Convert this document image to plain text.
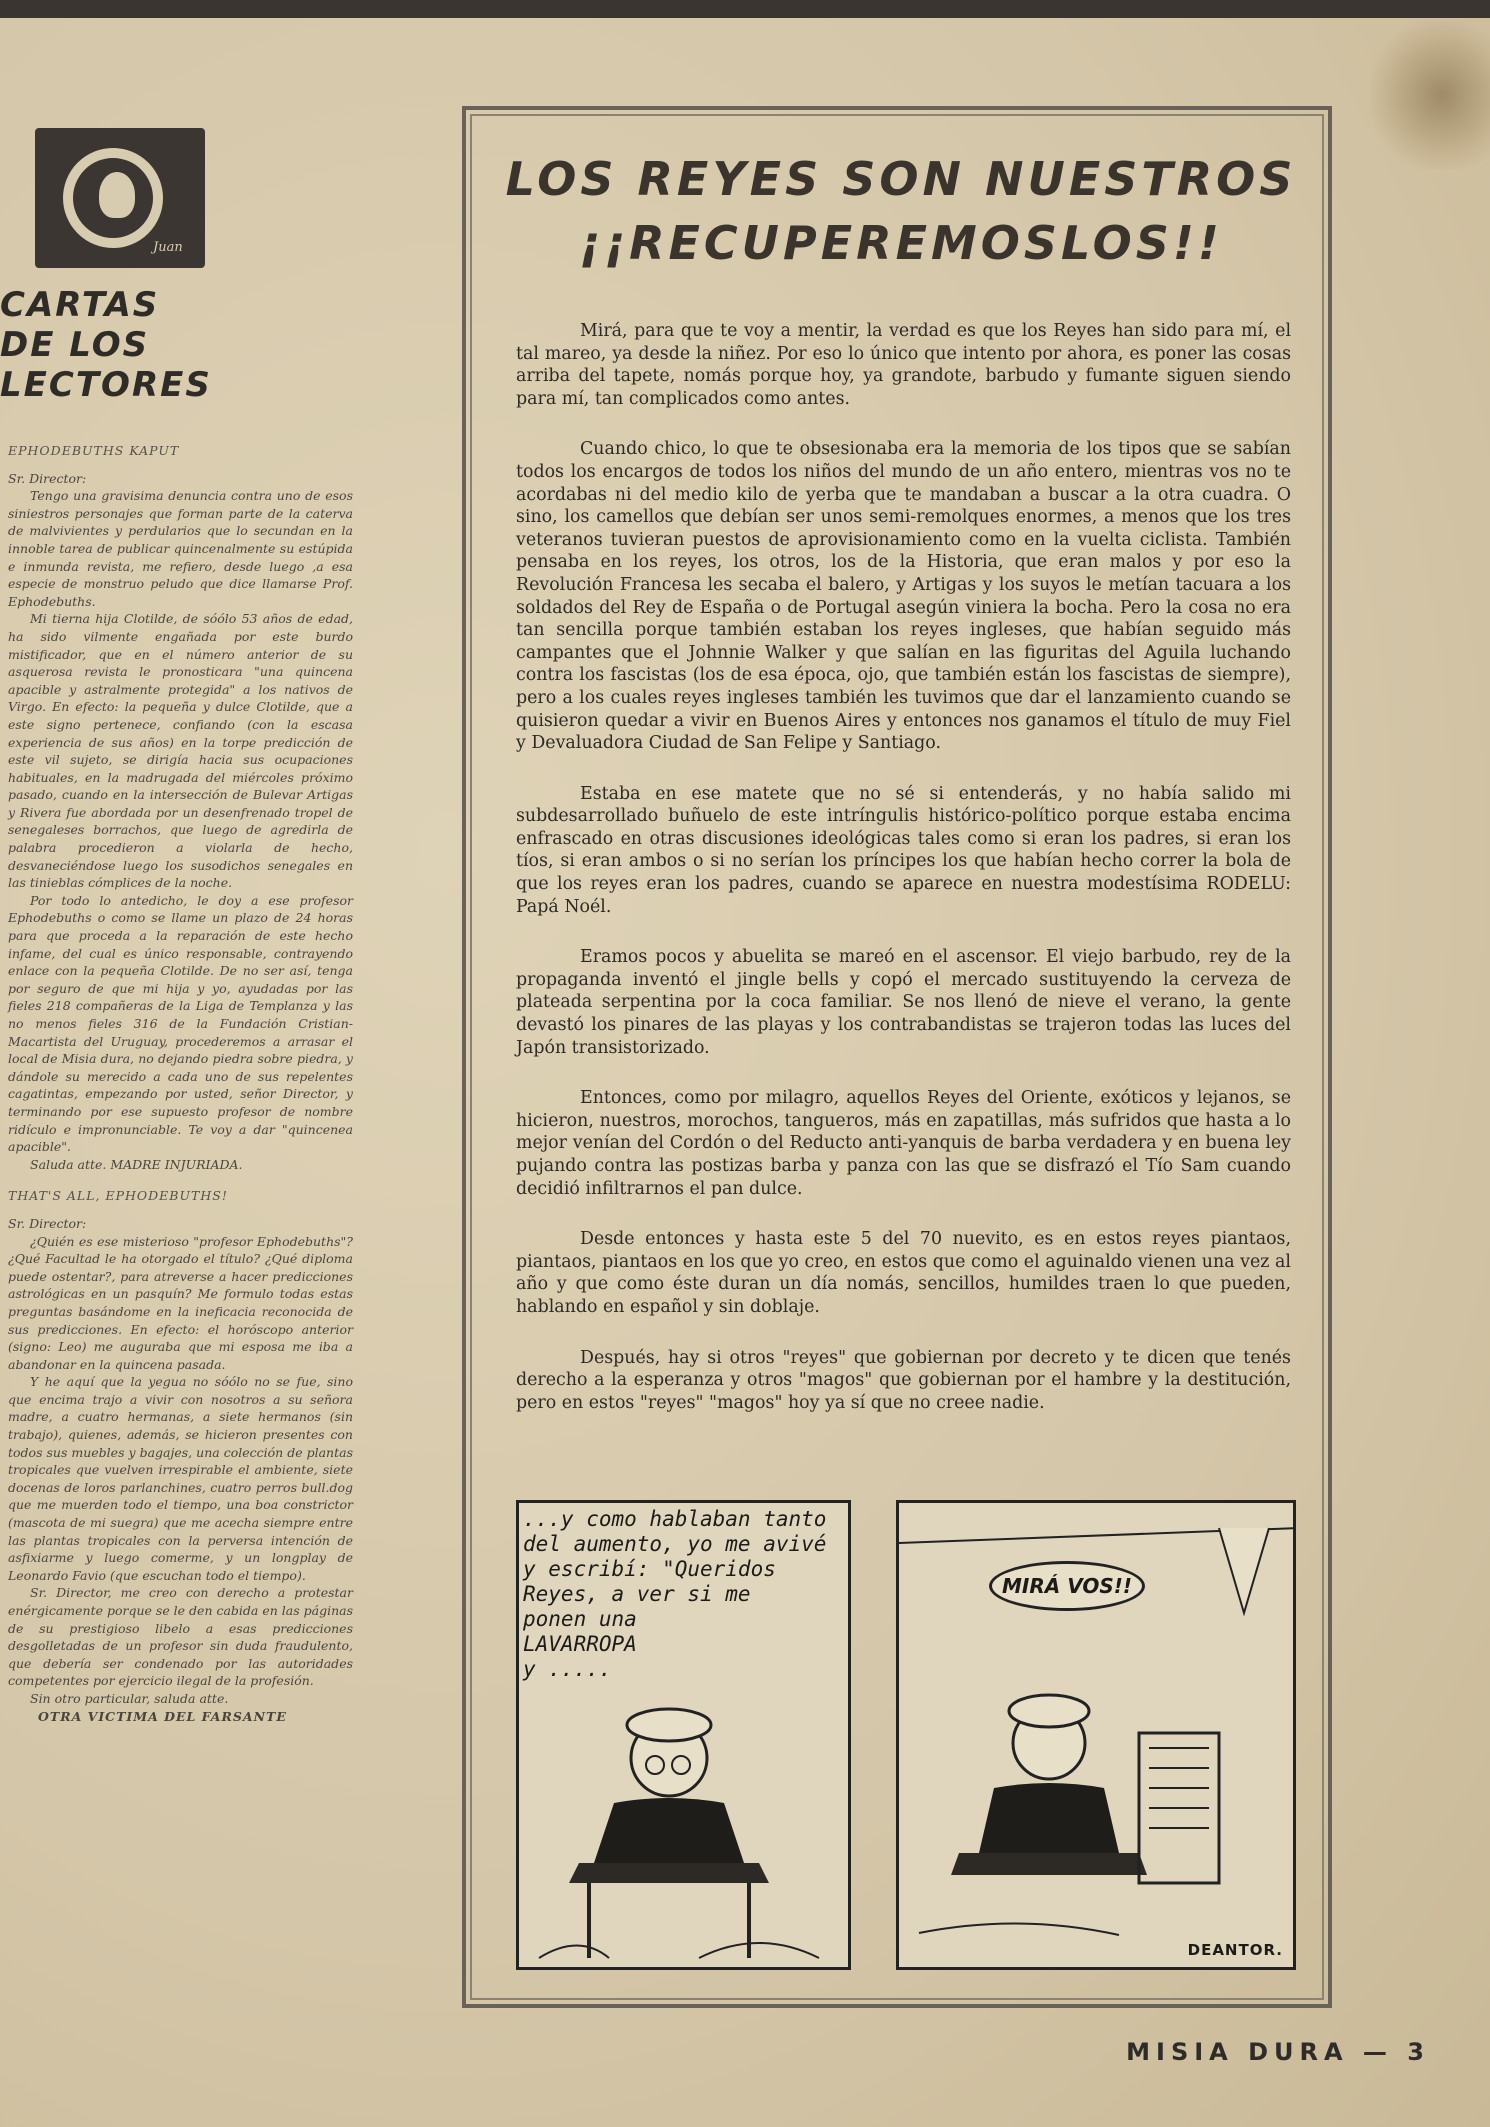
Juan
CARTAS
DE LOS
LECTORES

EPHODEBUTHS KAPUT

Sr. Director:

Tengo una gravisima denuncia contra uno de esos siniestros personajes que forman parte de la caterva de malvivientes y perdularios que lo secundan en la innoble tarea de publicar quincenalmente su estúpida e inmunda revista, me refiero, desde luego ,a esa especie de monstruo peludo que dice llamarse Prof. Ephodebuths.

Mi tierna hija Clotilde, de sóólo 53 años de edad, ha sido vilmente engañada por este burdo mistificador, que en el número anterior de su asquerosa revista le pronosticara "una quincena apacible y astralmente protegida" a los nativos de Virgo. En efecto: la pequeña y dulce Clotilde, que a este signo pertenece, confiando (con la escasa experiencia de sus años) en la torpe predicción de este vil sujeto, se dirigía hacia sus ocupaciones habituales, en la madrugada del miércoles próximo pasado, cuando en la intersección de Bulevar Artigas y Rivera fue abordada por un desenfrenado tropel de senegaleses borrachos, que luego de agredirla de palabra procedieron a violarla de hecho, desvaneciéndose luego los susodichos senegales en las tinieblas cómplices de la noche.

Por todo lo antedicho, le doy a ese profesor Ephodebuths o como se llame un plazo de 24 horas para que proceda a la reparación de este hecho infame, del cual es único responsable, contrayendo enlace con la pequeña Clotilde. De no ser así, tenga por seguro de que mi hija y yo, ayudadas por las fieles 218 compañeras de la Liga de Templanza y las no menos fieles 316 de la Fundación Cristian-Macartista del Uruguay, procederemos a arrasar el local de Misia dura, no dejando piedra sobre piedra, y dándole su merecido a cada uno de sus repelentes cagatintas, empezando por usted, señor Director, y terminando por ese supuesto profesor de nombre ridículo e impronunciable. Te voy a dar "quincenea apacible".

Saluda atte. MADRE INJURIADA.

THAT'S ALL, EPHODEBUTHS!

Sr. Director:

¿Quién es ese misterioso "profesor Ephodebuths"? ¿Qué Facultad le ha otorgado el título? ¿Qué diploma puede ostentar?, para atreverse a hacer predicciones astrológicas en un pasquín? Me formulo todas estas preguntas basándome en la ineficacia reconocida de sus predicciones. En efecto: el horóscopo anterior (signo: Leo) me auguraba que mi esposa me iba a abandonar en la quincena pasada.

Y he aquí que la yegua no sóólo no se fue, sino que encima trajo a vivir con nosotros a su señora madre, a cuatro hermanas, a siete hermanos (sin trabajo), quienes, además, se hicieron presentes con todos sus muebles y bagajes, una colección de plantas tropicales que vuelven irrespirable el ambiente, siete docenas de loros parlanchines, cuatro perros bull.dog que me muerden todo el tiempo, una boa constrictor (mascota de mi suegra) que me acecha siempre entre las plantas tropicales con la perversa intención de asfixiarme y luego comerme, y un longplay de Leonardo Favio (que escuchan todo el tiempo).

Sr. Director, me creo con derecho a protestar enérgicamente porque se le den cabida en las páginas de su prestigioso libelo a esas predicciones desgolletadas de un profesor sin duda fraudulento, que debería ser condenado por las autoridades competentes por ejercicio ilegal de la profesión.

Sin otro particular, saluda atte.

OTRA VICTIMA DEL FARSANTE

LOS REYES SON NUESTROS
¡¡RECUPEREMOSLOS!!

Mirá, para que te voy a mentir, la verdad es que los Reyes han sido para mí, el tal mareo, ya desde la niñez. Por eso lo único que intento por ahora, es poner las cosas arriba del tapete, nomás porque hoy, ya grandote, barbudo y fumante siguen siendo para mí, tan complicados como antes.

Cuando chico, lo que te obsesionaba era la memoria de los tipos que se sabían todos los encargos de todos los niños del mundo de un año entero, mientras vos no te acordabas ni del medio kilo de yerba que te mandaban a buscar a la otra cuadra. O sino, los camellos que debían ser unos semi-remolques enormes, a menos que los tres veteranos tuvieran puestos de aprovisionamiento como en la vuelta ciclista. También pensaba en los reyes, los otros, los de la Historia, que eran malos y por eso la Revolución Francesa les secaba el balero, y Artigas y los suyos le metían tacuara a los soldados del Rey de España o de Portugal asegún viniera la bocha. Pero la cosa no era tan sencilla porque también estaban los reyes ingleses, que habían seguido más campantes que el Johnnie Walker y que salían en las figuritas del Aguila luchando contra los fascistas (los de esa época, ojo, que también están los fascistas de siempre), pero a los cuales reyes ingleses también les tuvimos que dar el lanzamiento cuando se quisieron quedar a vivir en Buenos Aires y entonces nos ganamos el título de muy Fiel y Devaluadora Ciudad de San Felipe y Santiago.

Estaba en ese matete que no sé si entenderás, y no había salido mi subdesarrollado buñuelo de este intríngulis histórico-político porque estaba encima enfrascado en otras discusiones ideológicas tales como si eran los padres, si eran los tíos, si eran ambos o si no serían los príncipes los que habían hecho correr la bola de que los reyes eran los padres, cuando se aparece en nuestra modestísima RODELU: Papá Noél.

Eramos pocos y abuelita se mareó en el ascensor. El viejo barbudo, rey de la propaganda inventó el jingle bells y copó el mercado sustituyendo la cerveza de plateada serpentina por la coca familiar. Se nos llenó de nieve el verano, la gente devastó los pinares de las playas y los contrabandistas se trajeron todas las luces del Japón transistorizado.

Entonces, como por milagro, aquellos Reyes del Oriente, exóticos y lejanos, se hicieron, nuestros, morochos, tangueros, más en zapatillas, más sufridos que hasta a lo mejor venían del Cordón o del Reducto anti-yanquis de barba verdadera y en buena ley pujando contra las postizas barba y panza con las que se disfrazó el Tío Sam cuando decidió infiltrarnos el pan dulce.

Desde entonces y hasta este 5 del 70 nuevito, es en estos reyes piantaos, piantaos, piantaos en los que yo creo, en estos que como el aguinaldo vienen una vez al año y que como éste duran un día nomás, sencillos, humildes traen lo que pueden, hablando en español y sin doblaje.

Después, hay si otros "reyes" que gobiernan por decreto y te dicen que tenés derecho a la esperanza y otros "magos" que gobiernan por el hambre y la destitución, pero en estos "reyes" "magos" hoy ya sí que no creee nadie.

...y como hablaban tanto
del aumento, yo me avivé
y escribí: "Queridos
Reyes, a ver si me
ponen una
LAVARROPA
y .....
MIRÁ VOS!!
DEANTOR.
MISIA DURA — 3
